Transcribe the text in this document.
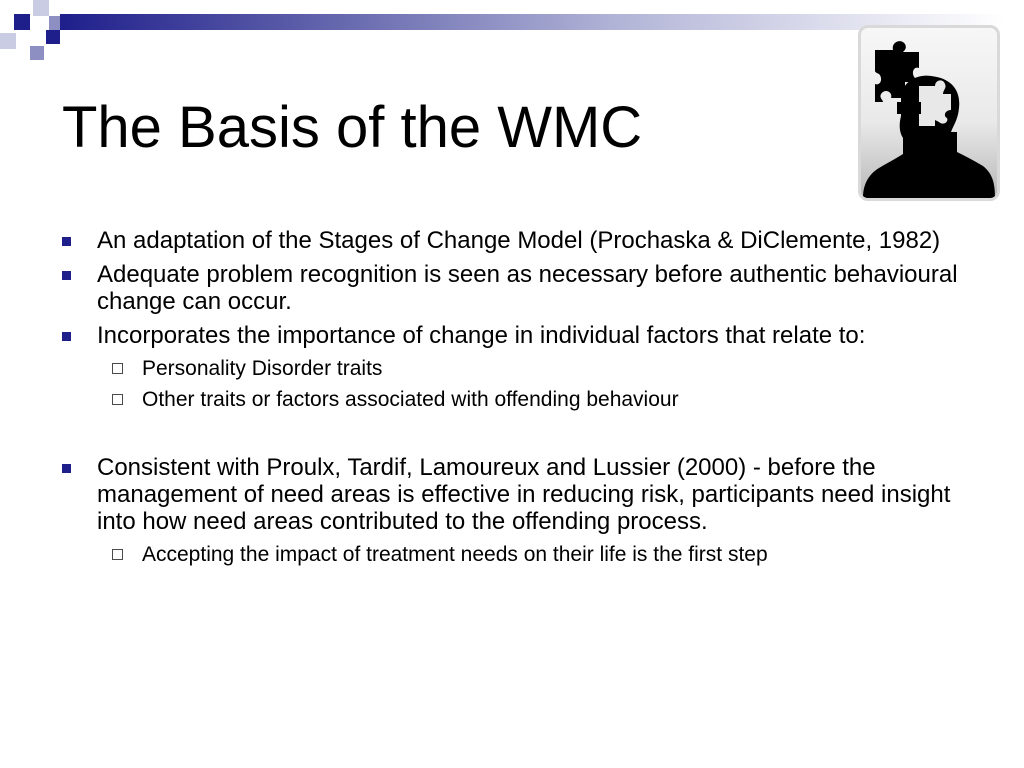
The Basis of the WMC
An adaptation of the Stages of Change Model (Prochaska & DiClemente, 1982)
Adequate problem recognition is seen as necessary before authentic behavioural change can occur.
Incorporates the importance of change in individual factors that relate to:
Personality Disorder traits
Other traits or factors associated with offending behaviour
Consistent with Proulx, Tardif, Lamoureux and Lussier (2000) - before the management of need areas is effective in reducing risk, participants need insight into how need areas contributed to the offending process.
Accepting the impact of treatment needs on their life is the first step
